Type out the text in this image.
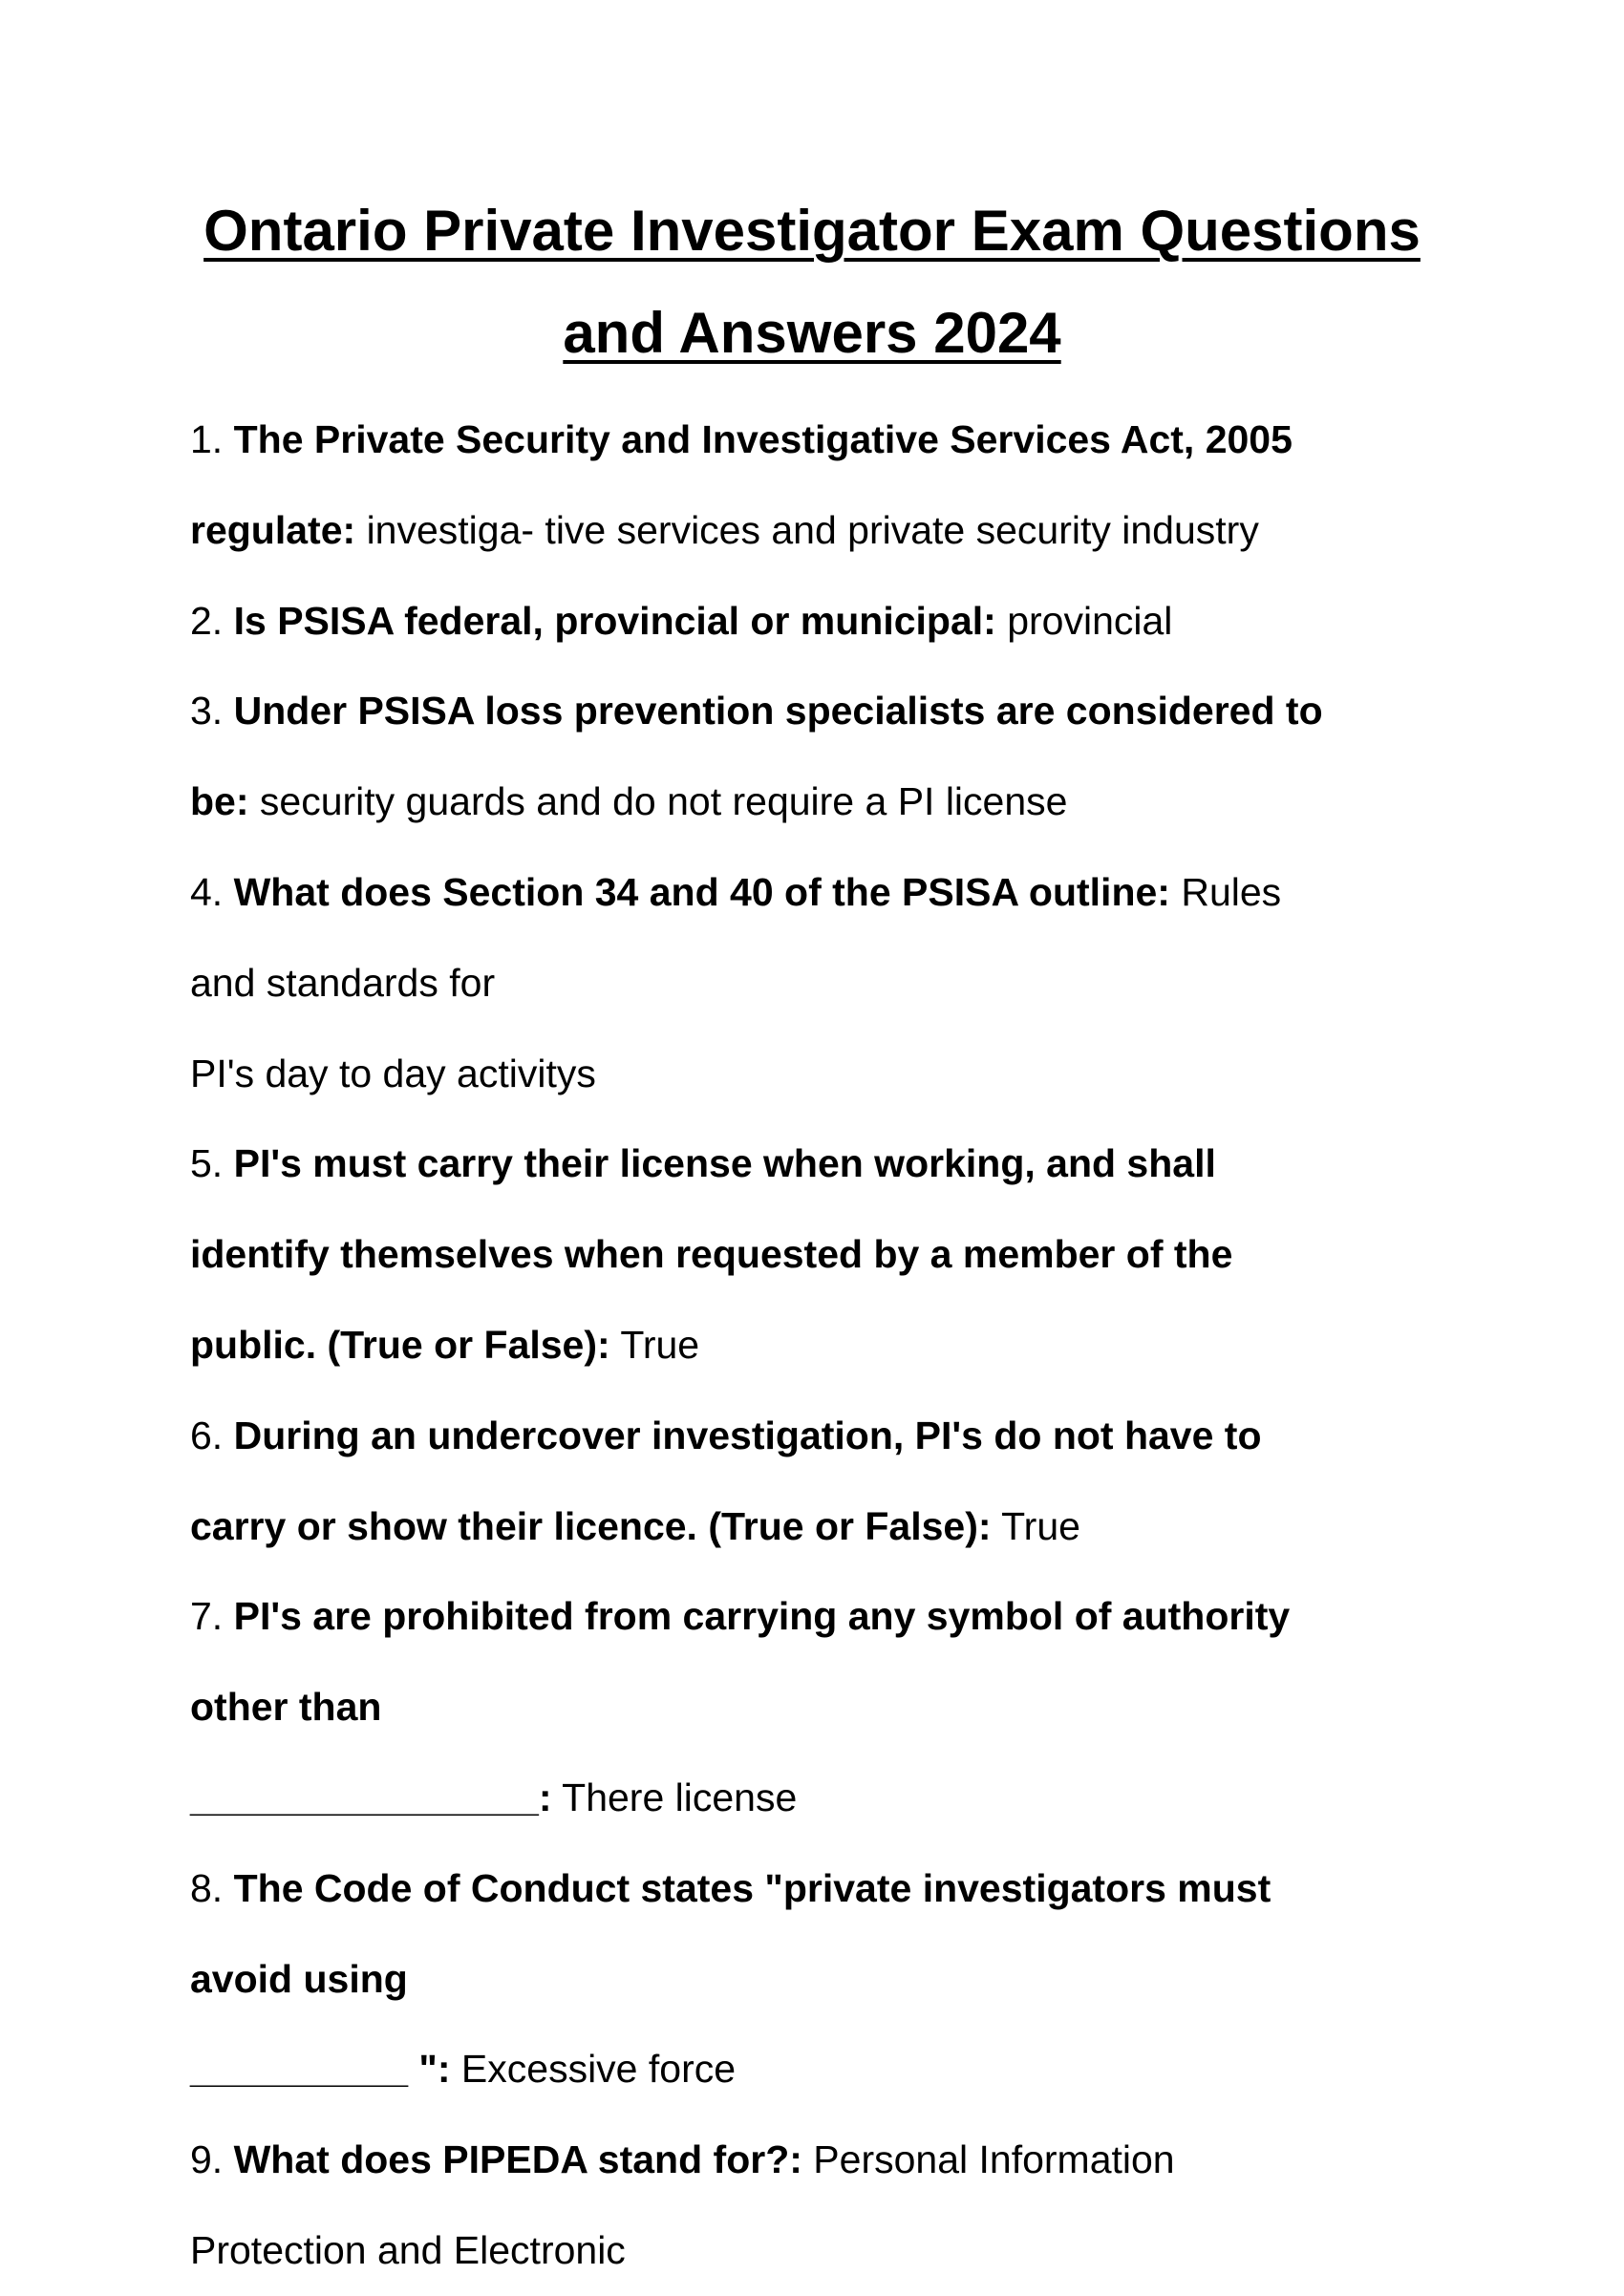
Ontario Private Investigator Exam Questions
and Answers 2024
1. The Private Security and Investigative Services Act, 2005
regulate: investiga- tive services and private security industry
2. Is PSISA federal, provincial or municipal: provincial
3. Under PSISA loss prevention specialists are considered to
be: security guards and do not require a PI license
4. What does Section 34 and 40 of the PSISA outline: Rules
and standards for
PI's day to day activitys
5. PI's must carry their license when working, and shall
identify themselves when requested by a member of the
public. (True or False): True
6. During an undercover investigation, PI's do not have to
carry or show their licence. (True or False): True
7. PI's are prohibited from carrying any symbol of authority
other than
________________: There license
8. The Code of Conduct states "private investigators must
avoid using
__________ ": Excessive force
9. What does PIPEDA stand for?: Personal Information
Protection and Electronic
